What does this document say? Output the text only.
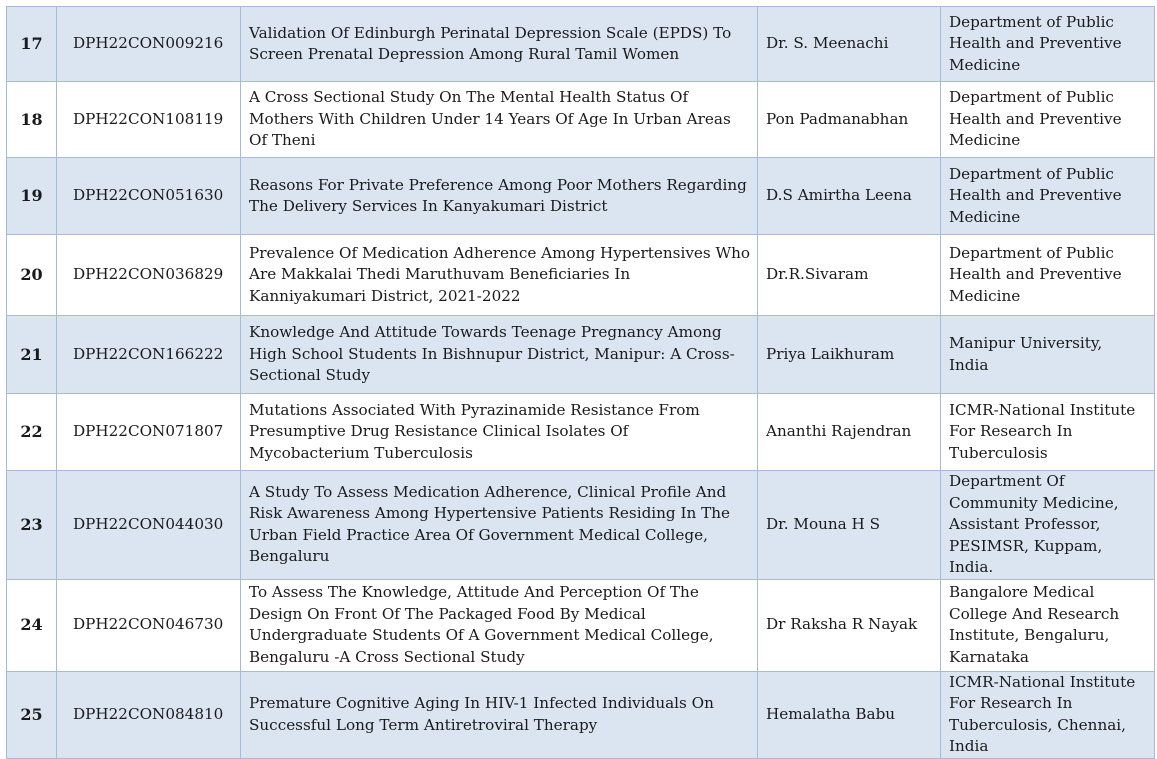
17	DPH22CON009216	Validation Of Edinburgh Perinatal Depression Scale (EPDS) To Screen Prenatal Depression Among Rural Tamil Women	Dr. S. Meenachi	Department of Public Health and Preventive Medicine
18	DPH22CON108119	A Cross Sectional Study On The Mental Health Status Of Mothers With Children Under 14 Years Of Age In Urban Areas Of Theni	Pon Padmanabhan	Department of Public Health and Preventive Medicine
19	DPH22CON051630	Reasons For Private Preference Among Poor Mothers Regarding The Delivery Services In Kanyakumari District	D.S Amirtha Leena	Department of Public Health and Preventive Medicine
20	DPH22CON036829	Prevalence Of Medication Adherence Among Hypertensives Who Are Makkalai Thedi Maruthuvam Beneficiaries In Kanniyakumari District, 2021-2022	Dr.R.Sivaram	Department of Public Health and Preventive Medicine
21	DPH22CON166222	Knowledge And Attitude Towards Teenage Pregnancy Among High School Students In Bishnupur District, Manipur: A Cross-Sectional Study	Priya Laikhuram	Manipur University, India
22	DPH22CON071807	Mutations Associated With Pyrazinamide Resistance From Presumptive Drug Resistance Clinical Isolates Of Mycobacterium Tuberculosis	Ananthi Rajendran	ICMR-National Institute For Research In Tuberculosis
23	DPH22CON044030	A Study To Assess Medication Adherence, Clinical Profile And Risk Awareness Among Hypertensive Patients Residing In The Urban Field Practice Area Of Government Medical College, Bengaluru	Dr. Mouna H S	Department Of Community Medicine, Assistant Professor, PESIMSR, Kuppam, India.
24	DPH22CON046730	To Assess The Knowledge, Attitude And Perception Of The Design On Front Of The Packaged Food By Medical Undergraduate Students Of A Government Medical College, Bengaluru -A Cross Sectional Study	Dr Raksha R Nayak	Bangalore Medical College And Research Institute, Bengaluru, Karnataka
25	DPH22CON084810	Premature Cognitive Aging In HIV-1 Infected Individuals On Successful Long Term Antiretroviral Therapy	Hemalatha Babu	ICMR-National Institute For Research In Tuberculosis, Chennai, India
